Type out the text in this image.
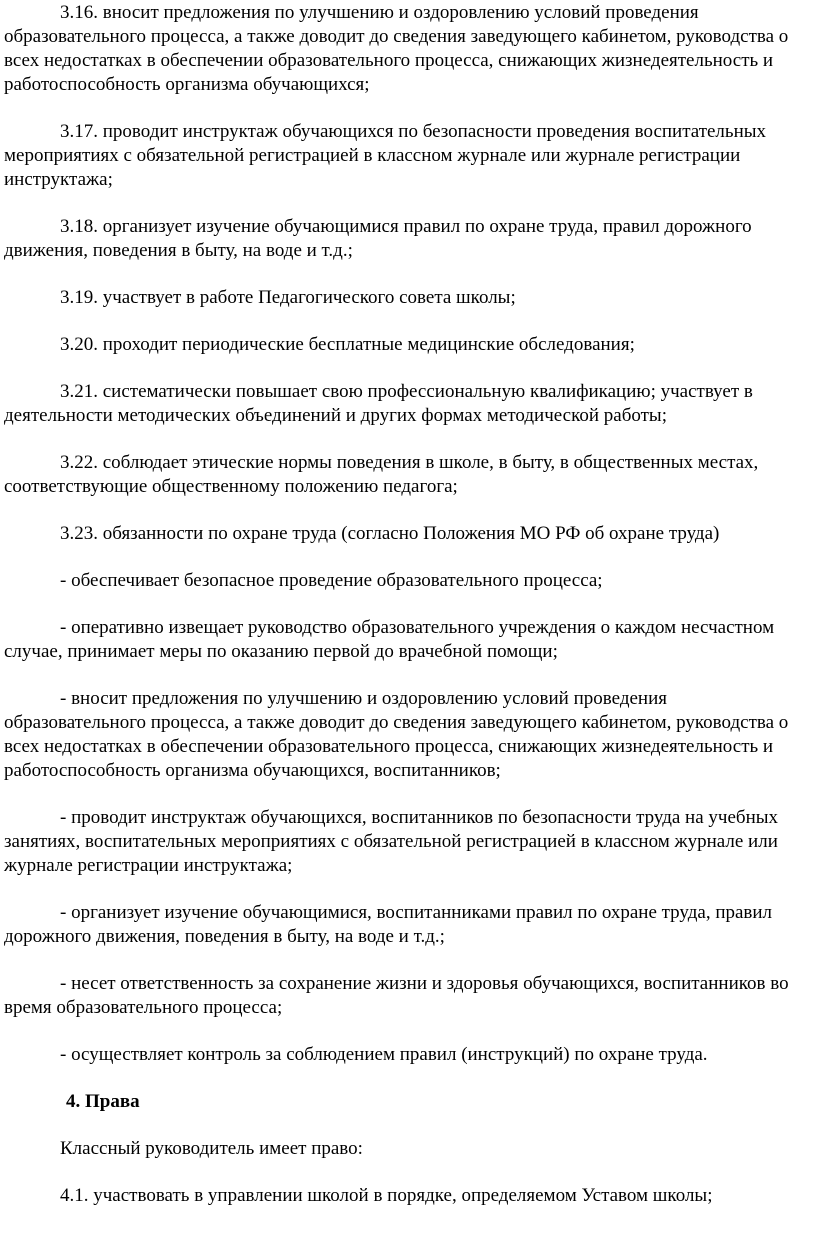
3.16. вносит предложения по улучшению и оздоровлению условий проведения образовательного процесса, а также доводит до сведения заведующего кабинетом, руководства о всех недостатках в обеспечении образовательного процесса, снижающих жизнедеятельность и работоспособность организма обучающихся;

3.17. проводит инструктаж обучающихся по безопасности проведения воспитательных мероприятиях с обязательной регистрацией в классном журнале или журнале регистрации инструктажа;

3.18. организует изучение обучающимися правил по охране труда, правил дорожного движения, поведения в быту, на воде и т.д.;

3.19. участвует в работе Педагогического совета школы;

3.20. проходит периодические бесплатные медицинские обследования;

3.21. систематически повышает свою профессиональную квалификацию; участвует в деятельности методических объединений и других формах методической работы;

3.22. соблюдает этические нормы поведения в школе, в быту, в общественных местах, соответствующие общественному положению педагога;

3.23. обязанности по охране труда (согласно Положения МО РФ об охране труда)

- обеспечивает безопасное проведение образовательного процесса;

- оперативно извещает руководство образовательного учреждения о каждом несчастном случае, принимает меры по оказанию первой до врачебной помощи;

- вносит предложения по улучшению и оздоровлению условий проведения образовательного процесса, а также доводит до сведения заведующего кабинетом, руководства о всех недостатках в обеспечении образовательного процесса, снижающих жизнедеятельность и работоспособность организма обучающихся, воспитанников;

- проводит инструктаж обучающихся, воспитанников по безопасности труда на учебных занятиях, воспитательных мероприятиях с обязательной регистрацией в классном журнале или журнале регистрации инструктажа;

- организует изучение обучающимися, воспитанниками правил по охране труда, правил дорожного движения, поведения в быту, на воде и т.д.;

- несет ответственность за сохранение жизни и здоровья обучающихся, воспитанников во время образовательного процесса;

- осуществляет контроль за соблюдением правил (инструкций) по охране труда.

4. Права

Классный руководитель имеет право:

4.1. участвовать в управлении школой в порядке, определяемом Уставом школы;
